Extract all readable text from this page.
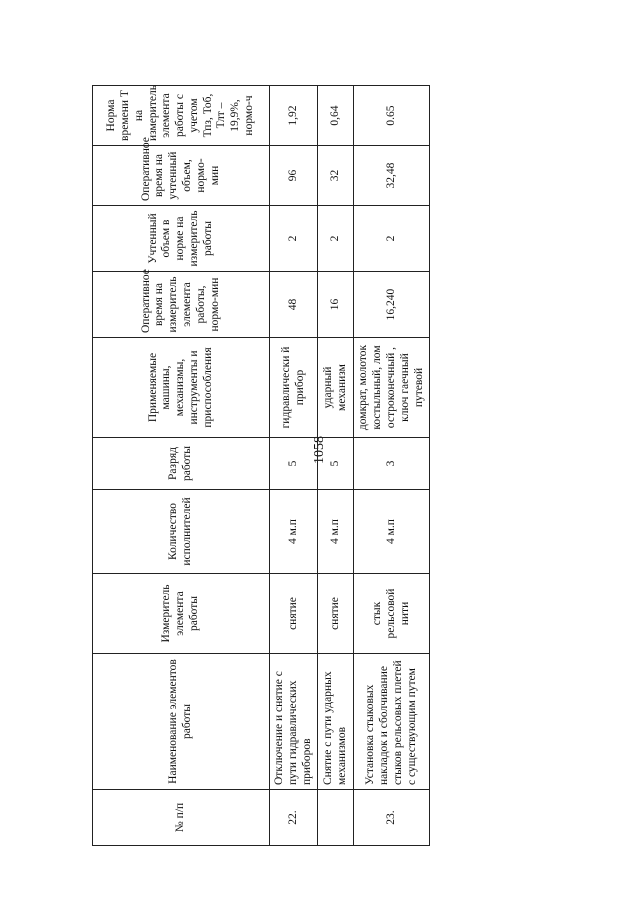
1058
№ п/п	Наименование элементов работы	Измеритель элемента работы	Количество исполнителей	Разряд работы	Применяемые машины, механизмы, инструменты и приспособления	Оперативное время на измеритель элемента работы, нормо-мин	Учтенный объем в норме на измеритель работы	Оперативное время на учтенный объем, нормо-мин	Норма времени Т на измеритель элемента работы с учетом Тпз, Тоб, Тлт – 19,9%, нормо-ч
22.	Отключение и снятие с пути гидравлических приборов	снятие	4 м.п	5	гидравлически й прибор	48	2	96	1,92
	Снятие с пути ударных механизмов	снятие	4 м.п	5	ударный механизм	16	2	32	0,64
23.	Установка стыковых накладок и сболчивание стыков рельсовых плетей с существующим путем	стык рельсовой нити	4 м.п	3	домкрат, молоток костыльный, лом остроконечный , ключ гаечный путевой	16,240	2	32,48	0.65
